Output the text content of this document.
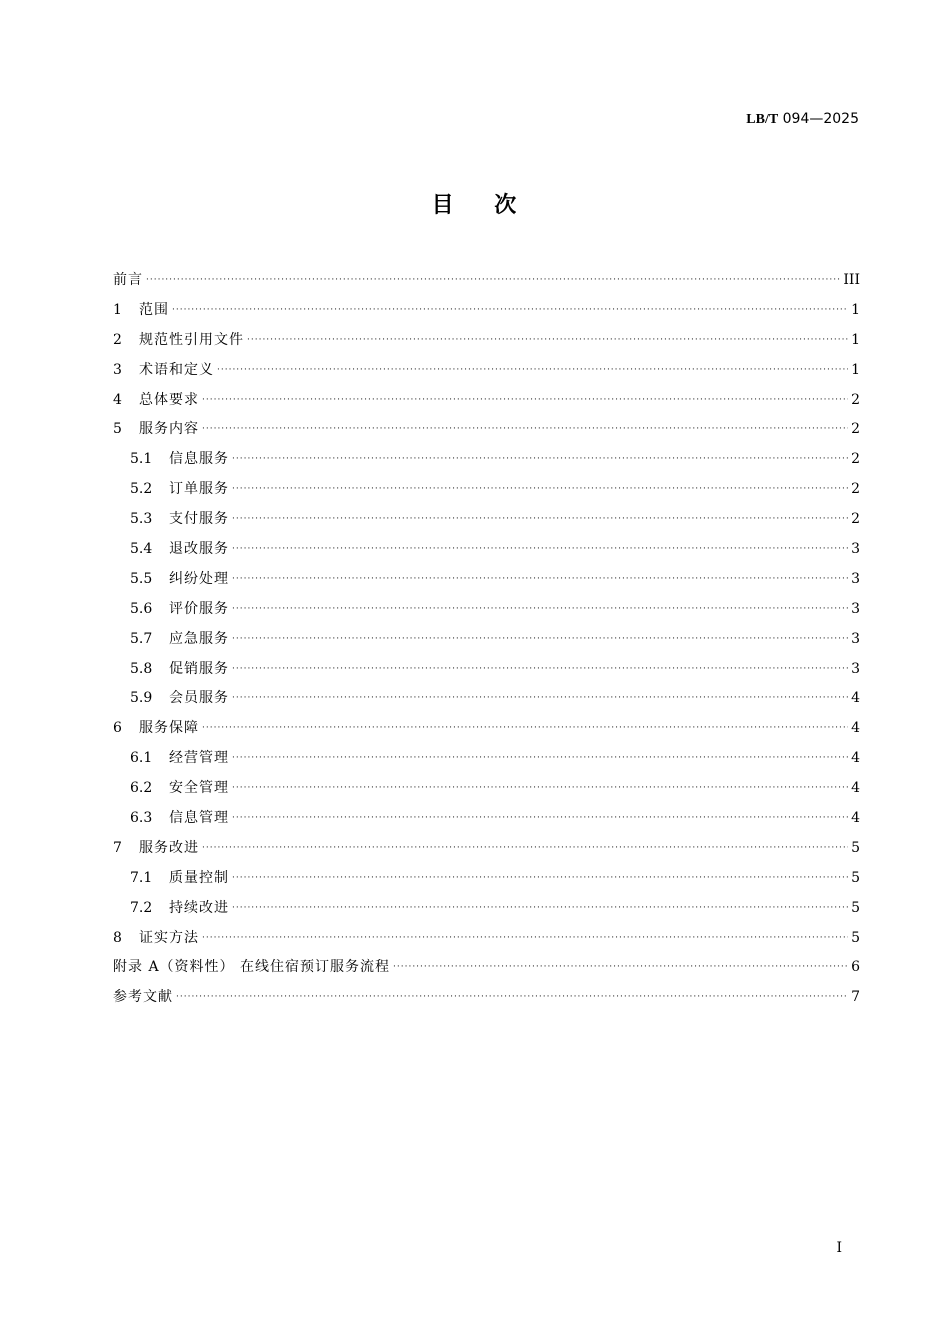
LB/T 094—2025
目    次
前言 ·····	III
1 范围 ·····	1
2 规范性引用文件 ·····	1
3 术语和定义 ·····	1
4 总体要求 ·····	2
5 服务内容 ·····	2
5.1 信息服务 ·····	2
5.2 订单服务 ·····	2
5.3 支付服务 ·····	2
5.4 退改服务 ·····	3
5.5 纠纷处理 ·····	3
5.6 评价服务 ·····	3
5.7 应急服务 ·····	3
5.8 促销服务 ·····	3
5.9 会员服务 ·····	4
6 服务保障 ·····	4
6.1 经营管理 ·····	4
6.2 安全管理 ·····	4
6.3 信息管理 ·····	4
7 服务改进 ·····	5
7.1 质量控制 ·····	5
7.2 持续改进 ·····	5
8 证实方法 ·····	5
附录 A（资料性） 在线住宿预订服务流程 ·····	6
参考文献 ·····	7
I
